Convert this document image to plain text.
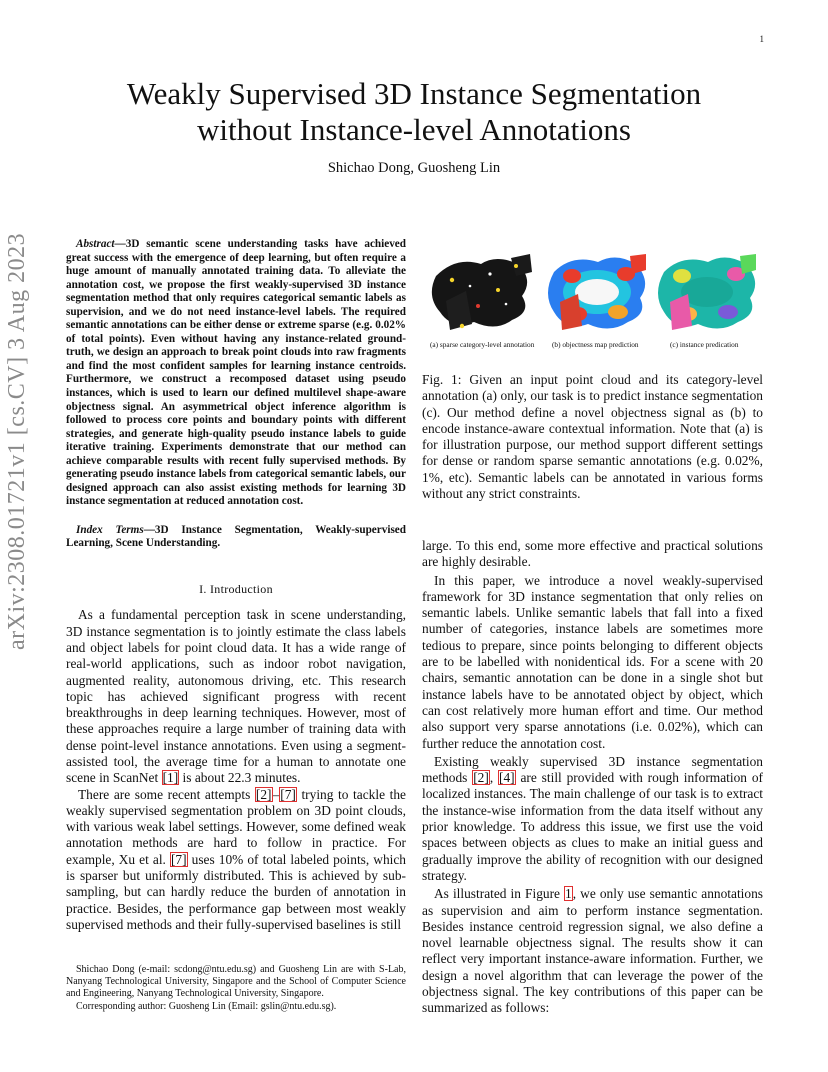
1
arXiv:2308.01721v1 [cs.CV] 3 Aug 2023
Weakly Supervised 3D Instance Segmentation
without Instance-level Annotations
Shichao Dong, Guosheng Lin

Abstract—3D semantic scene understanding tasks have achieved great success with the emergence of deep learning, but often require a huge amount of manually annotated training data. To alleviate the annotation cost, we propose the first weakly-supervised 3D instance segmentation method that only requires categorical semantic labels as supervision, and we do not need instance-level labels. The required semantic annotations can be either dense or extreme sparse (e.g. 0.02% of total points). Even without having any instance-related ground-truth, we design an approach to break point clouds into raw fragments and find the most confident samples for learning instance centroids. Furthermore, we construct a recomposed dataset using pseudo instances, which is used to learn our defined multilevel shape-aware objectness signal. An asymmetrical object inference algorithm is followed to process core points and boundary points with different strategies, and generate high-quality pseudo instance labels to guide iterative training. Experiments demonstrate that our method can achieve comparable results with recent fully supervised methods. By generating pseudo instance labels from categorical semantic labels, our designed approach can also assist existing methods for learning 3D instance segmentation at reduced annotation cost.

Index Terms—3D Instance Segmentation, Weakly-supervised Learning, Scene Understanding.

I. Introduction

As a fundamental perception task in scene understanding, 3D instance segmentation is to jointly estimate the class labels and object labels for point cloud data. It has a wide range of real-world applications, such as indoor robot navigation, augmented reality, autonomous driving, etc. This research topic has achieved significant progress with recent breakthroughs in deep learning techniques. However, most of these approaches require a large number of training data with dense point-level instance annotations. Even using a segment-assisted tool, the average time for a human to annotate one scene in ScanNet [1] is about 22.3 minutes.

There are some recent attempts [2]–[7] trying to tackle the weakly supervised segmentation problem on 3D point clouds, with various weak label settings. However, some defined weak annotation methods are hard to follow in practice. For example, Xu et al. [7] uses 10% of total labeled points, which is sparser but uniformly distributed. This is achieved by sub-sampling, but can hardly reduce the burden of annotation in practice. Besides, the performance gap between most weakly supervised methods and their fully-supervised baselines is still

Shichao Dong (e-mail: scdong@ntu.edu.sg) and Guosheng Lin are with S-Lab, Nanyang Technological University, Singapore and the School of Computer Science and Engineering, Nanyang Technological University, Singapore.
Corresponding author: Guosheng Lin (Email: gslin@ntu.edu.sg).
(a) sparse category-level annotation (b) objectness map prediction	(c) instance predication
Fig. 1: Given an input point cloud and its category-level annotation (a) only, our task is to predict instance segmentation (c). Our method define a novel objectness signal as (b) to encode instance-aware contextual information. Note that (a) is for illustration purpose, our method support different settings for dense or random sparse semantic annotations (e.g. 0.02%, 1%, etc). Semantic labels can be annotated in various forms without any strict constraints.

large. To this end, some more effective and practical solutions are highly desirable.

In this paper, we introduce a novel weakly-supervised framework for 3D instance segmentation that only relies on semantic labels. Unlike semantic labels that fall into a fixed number of categories, instance labels are sometimes more tedious to prepare, since points belonging to different objects are to be labelled with nonidentical ids. For a scene with 20 chairs, semantic annotation can be done in a single shot but instance labels have to be annotated object by object, which can cost relatively more human effort and time. Our method also support very sparse annotations (i.e. 0.02%), which can further reduce the annotation cost.

Existing weakly supervised 3D instance segmentation methods [2], [4] are still provided with rough information of localized instances. The main challenge of our task is to extract the instance-wise information from the data itself without any prior knowledge. To address this issue, we first use the void spaces between objects as clues to make an initial guess and gradually improve the ability of recognition with our designed strategy.

As illustrated in Figure 1, we only use semantic annotations as supervision and aim to perform instance segmentation. Besides instance centroid regression signal, we also define a novel learnable objectness signal. The results show it can reflect very important instance-aware information. Further, we design a novel algorithm that can leverage the power of the objectness signal. The key contributions of this paper can be summarized as follows:
